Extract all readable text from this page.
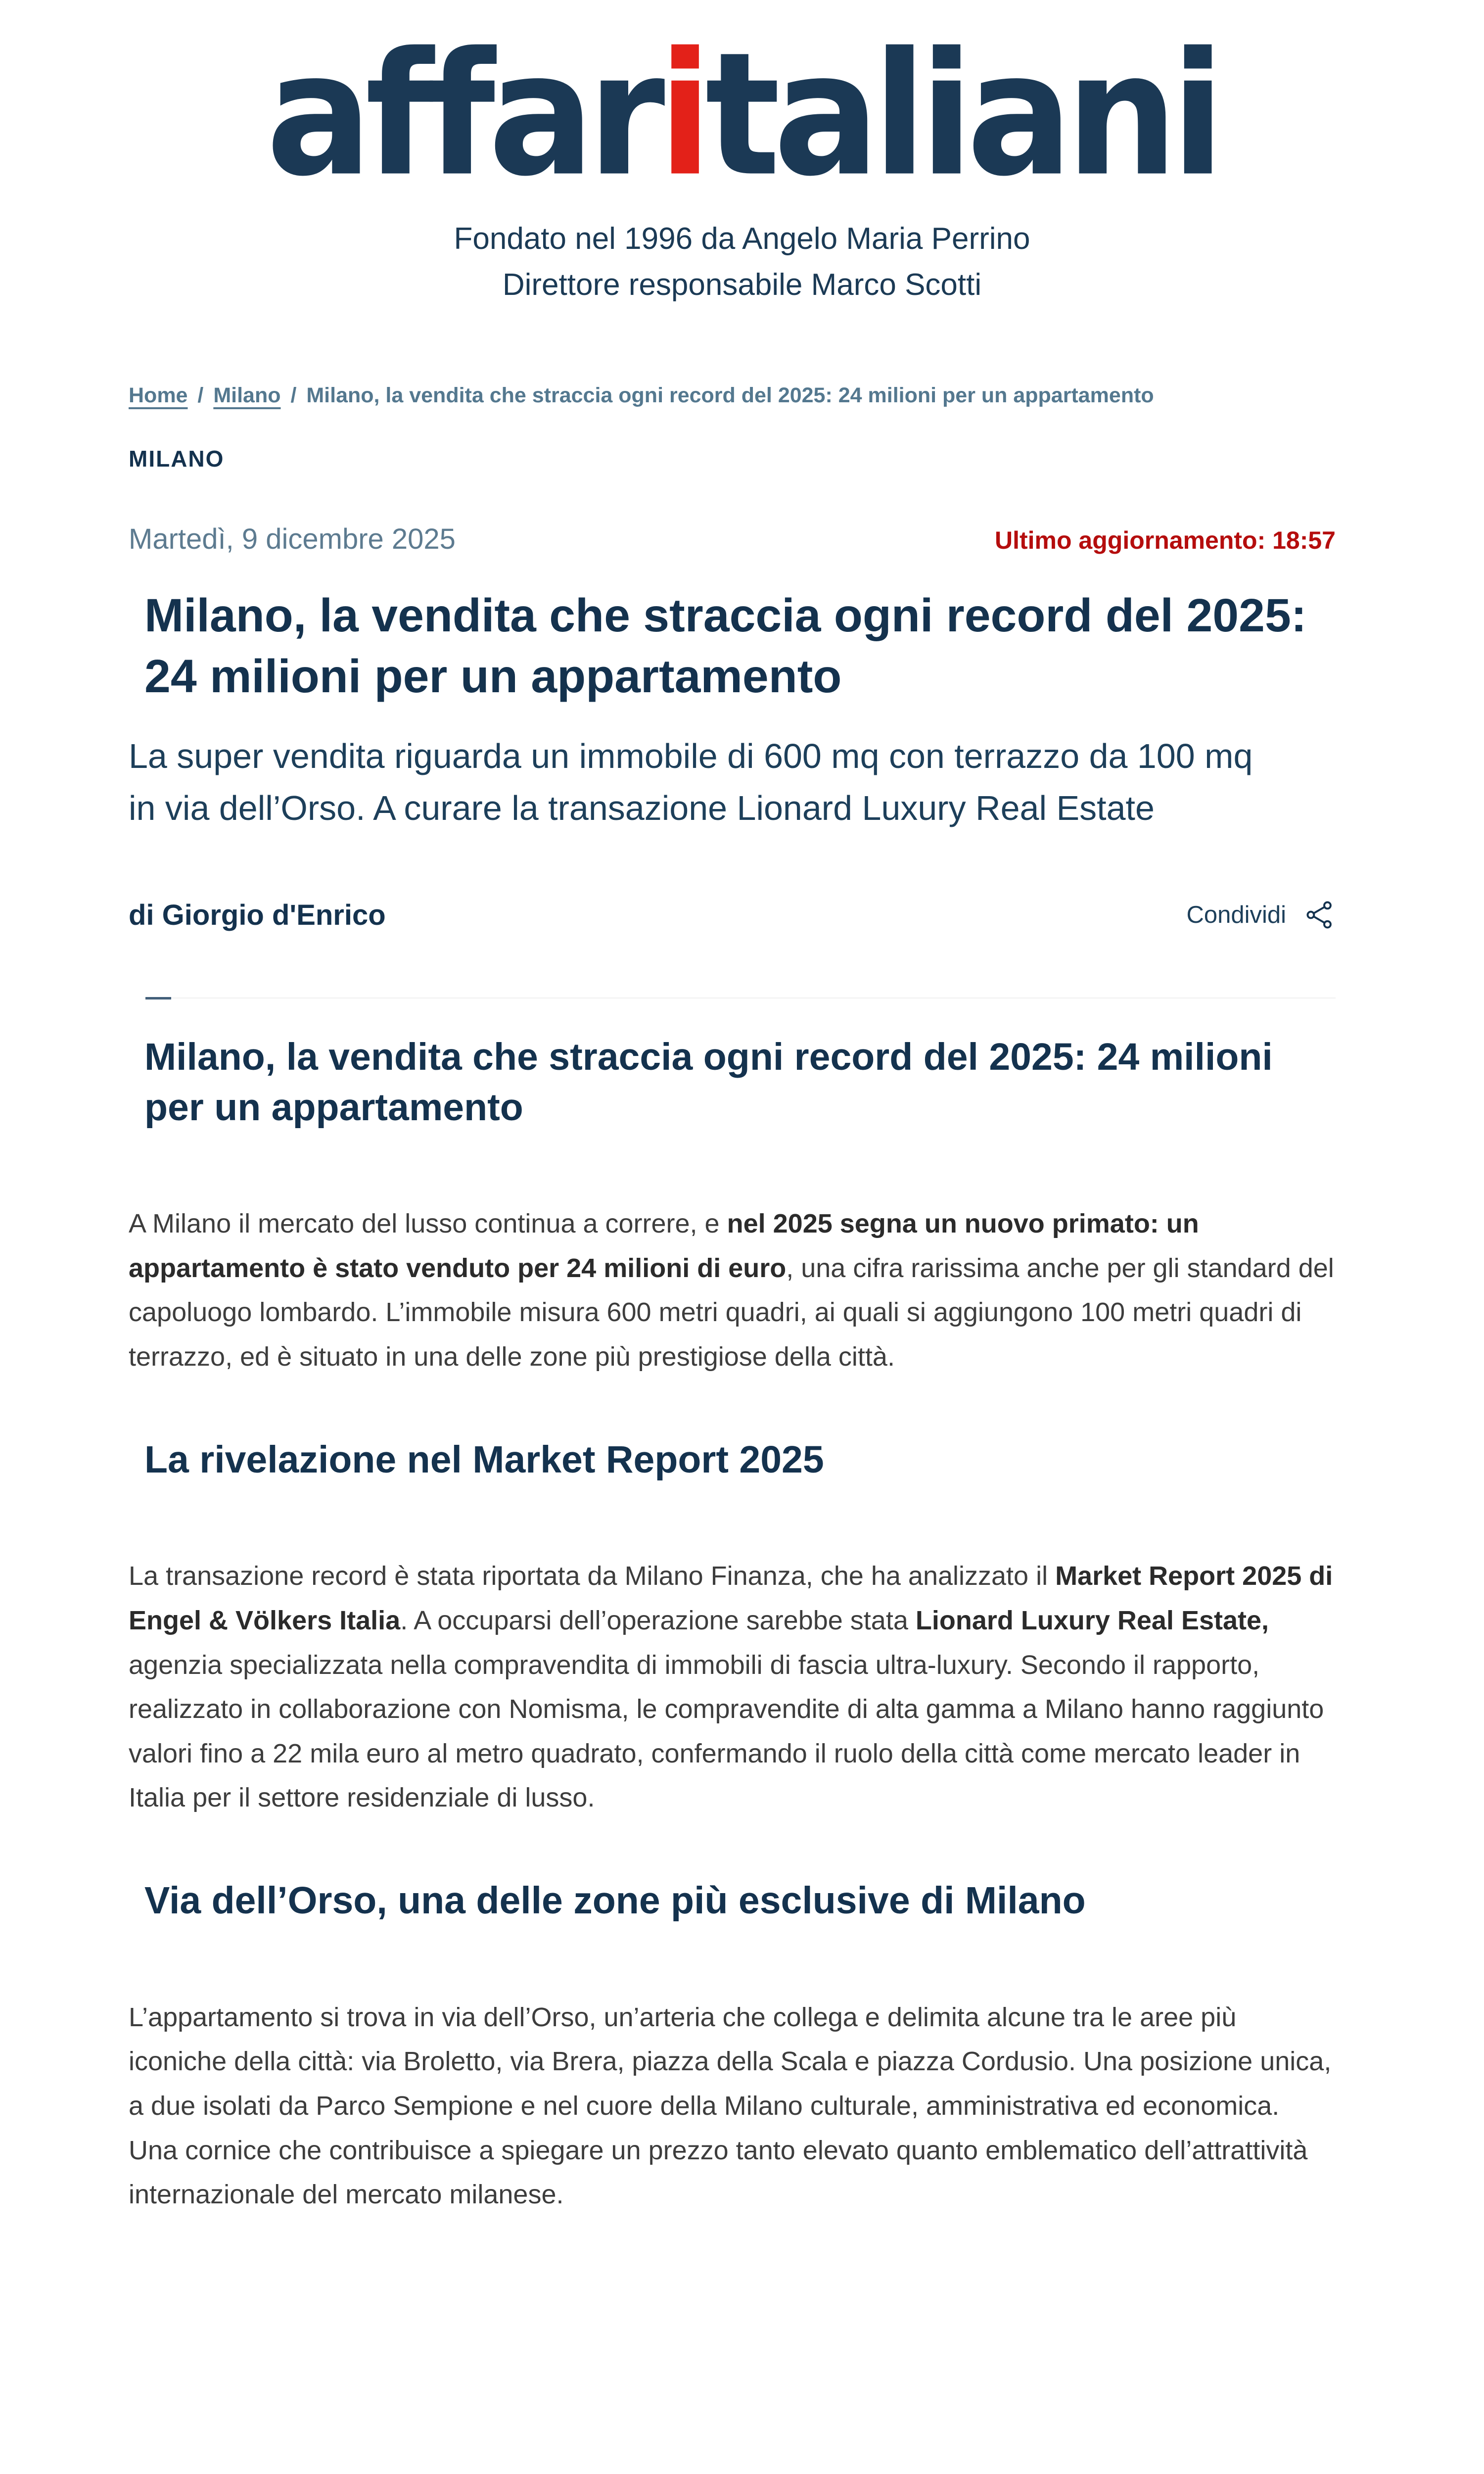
affaritaliani
Fondato nel 1996 da Angelo Maria Perrino
Direttore responsabile Marco Scotti
Home / Milano / Milano, la vendita che straccia ogni record del 2025: 24 milioni per un appartamento
MILANO
Martedì, 9 dicembre 2025	Ultimo aggiornamento: 18:57
Milano, la vendita che straccia ogni record del 2025: 24 milioni per un appartamento
La super vendita riguarda un immobile di 600 mq con terrazzo da 100 mq in via dell’Orso. A curare la transazione Lionard Luxury Real Estate
di Giorgio d'Enrico	Condividi
Milano, la vendita che straccia ogni record del 2025: 24 milioni per un appartamento

A Milano il mercato del lusso continua a correre, e nel 2025 segna un nuovo primato: un appartamento è stato venduto per 24 milioni di euro, una cifra rarissima anche per gli standard del capoluogo lombardo. L’immobile misura 600 metri quadri, ai quali si aggiungono 100 metri quadri di terrazzo, ed è situato in una delle zone più prestigiose della città.

La rivelazione nel Market Report 2025

La transazione record è stata riportata da Milano Finanza, che ha analizzato il Market Report 2025 di Engel & Völkers Italia. A occuparsi dell’operazione sarebbe stata Lionard Luxury Real Estate, agenzia specializzata nella compravendita di immobili di fascia ultra-luxury. Secondo il rapporto, realizzato in collaborazione con Nomisma, le compravendite di alta gamma a Milano hanno raggiunto valori fino a 22 mila euro al metro quadrato, confermando il ruolo della città come mercato leader in Italia per il settore residenziale di lusso.

Via dell’Orso, una delle zone più esclusive di Milano

L’appartamento si trova in via dell’Orso, un’arteria che collega e delimita alcune tra le aree più iconiche della città: via Broletto, via Brera, piazza della Scala e piazza Cordusio. Una posizione unica, a due isolati da Parco Sempione e nel cuore della Milano culturale, amministrativa ed economica. Una cornice che contribuisce a spiegare un prezzo tanto elevato quanto emblematico dell’attrattività internazionale del mercato milanese.
